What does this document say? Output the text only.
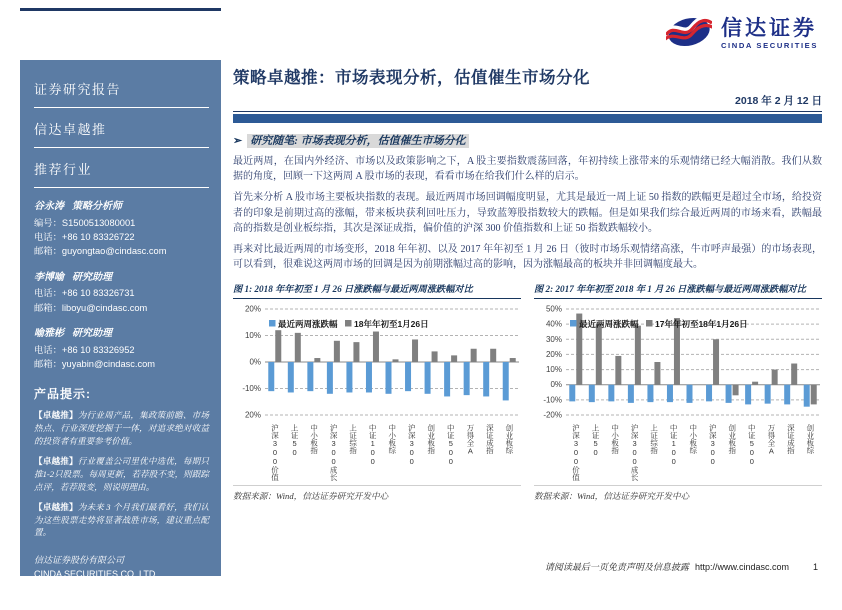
信达证券
CINDA SECURITIES
证券研究报告
信达卓越推
推荐行业
谷永涛 策略分析师
编号：S1500513080001
电话：+86 10 83326722
邮箱：guyongtao@cindasc.com
李博喻 研究助理
电话：+86 10 83326731
邮箱：liboyu@cindasc.com
喻雅彬 研究助理
电话：+86 10 83326952
邮箱：yuyabin@cindasc.com
产品提示:
【卓越推】为行业周产品，集政策前瞻、市场热点、行业深度挖掘于一体，对追求绝对收益的投资者有重要参考价值。
【卓越推】行业覆盖公司里优中选优，每期只推1-2只股票。每周更新，若荐股不变，则跟踪点评，若荐股变，则说明理由。
【卓越推】为未来 3 个月我们最看好，我们认为这些股票走势将显著战胜市场，建议重点配置。
信达证券股份有限公司
CINDA SECURITIES CO.,LTD
北京市西城区闹市口大街 9 号院 1 号楼
邮编： 100031
策略卓越推：市场表现分析，估值催生市场分化
2018 年 2 月 12 日
➢ 研究随笔: 市场表现分析，估值催生市场分化

最近两周，在国内外经济、市场以及政策影响之下，A 股主要指数震荡回落，年初持续上涨带来的乐观情绪已经大幅消散。我们从数据的角度，回顾一下这两周 A 股市场的表现，看看市场在给我们什么样的启示。

首先来分析 A 股市场主要板块指数的表现。最近两周市场回调幅度明显，尤其是最近一周上证 50 指数的跌幅更是超过全市场，给投资者的印象是前期过高的涨幅，带来板块获利回吐压力，导致蓝筹股指数较大的跌幅。但是如果我们综合最近两周的市场来看，跌幅最高的指数是创业板综指，其次是深证成指，偏价值的沪深 300 价值指数和上证 50 指数跌幅较小。

再来对比最近两周的市场变形，2018 年年初、以及 2017 年年初至 1 月 26 日（彼时市场乐观情绪高涨，牛市呼声最强）的市场表现，可以看到，很难说这两周市场的回调是因为前期涨幅过高的影响，因为涨幅最高的板块并非回调幅度最大。

图 1: 2018 年年初至 1 月 26 日涨跌幅与最近两周涨跌幅对比
20%
10%
0%
-10%
20%
最近两周涨跌幅 18年年初至1月26日
沪深300价值 上证50 中小板指 沪深300成长 上证综指 中证100 中小板综 沪深300 创业板指 中证500 万得全A 深证成指 创业板综
数据来源：Wind，信达证券研究开发中心
图 2: 2017 年年初至 2018 年 1 月 26 日涨跌幅与最近两周涨跌幅对比
50%
40%
30%
20%
10%
0%
-10%
-20%
最近两周涨跌幅 17年年初至18年1月26日
沪深300价值 上证50 中小板指 沪深300成长 上证综指 中证100 中小板综 沪深300 创业板指 中证500 万得全A 深证成指 创业板综
数据来源：Wind，信达证券研究开发中心
请阅读最后一页免责声明及信息披露 http://www.cindasc.com	1
